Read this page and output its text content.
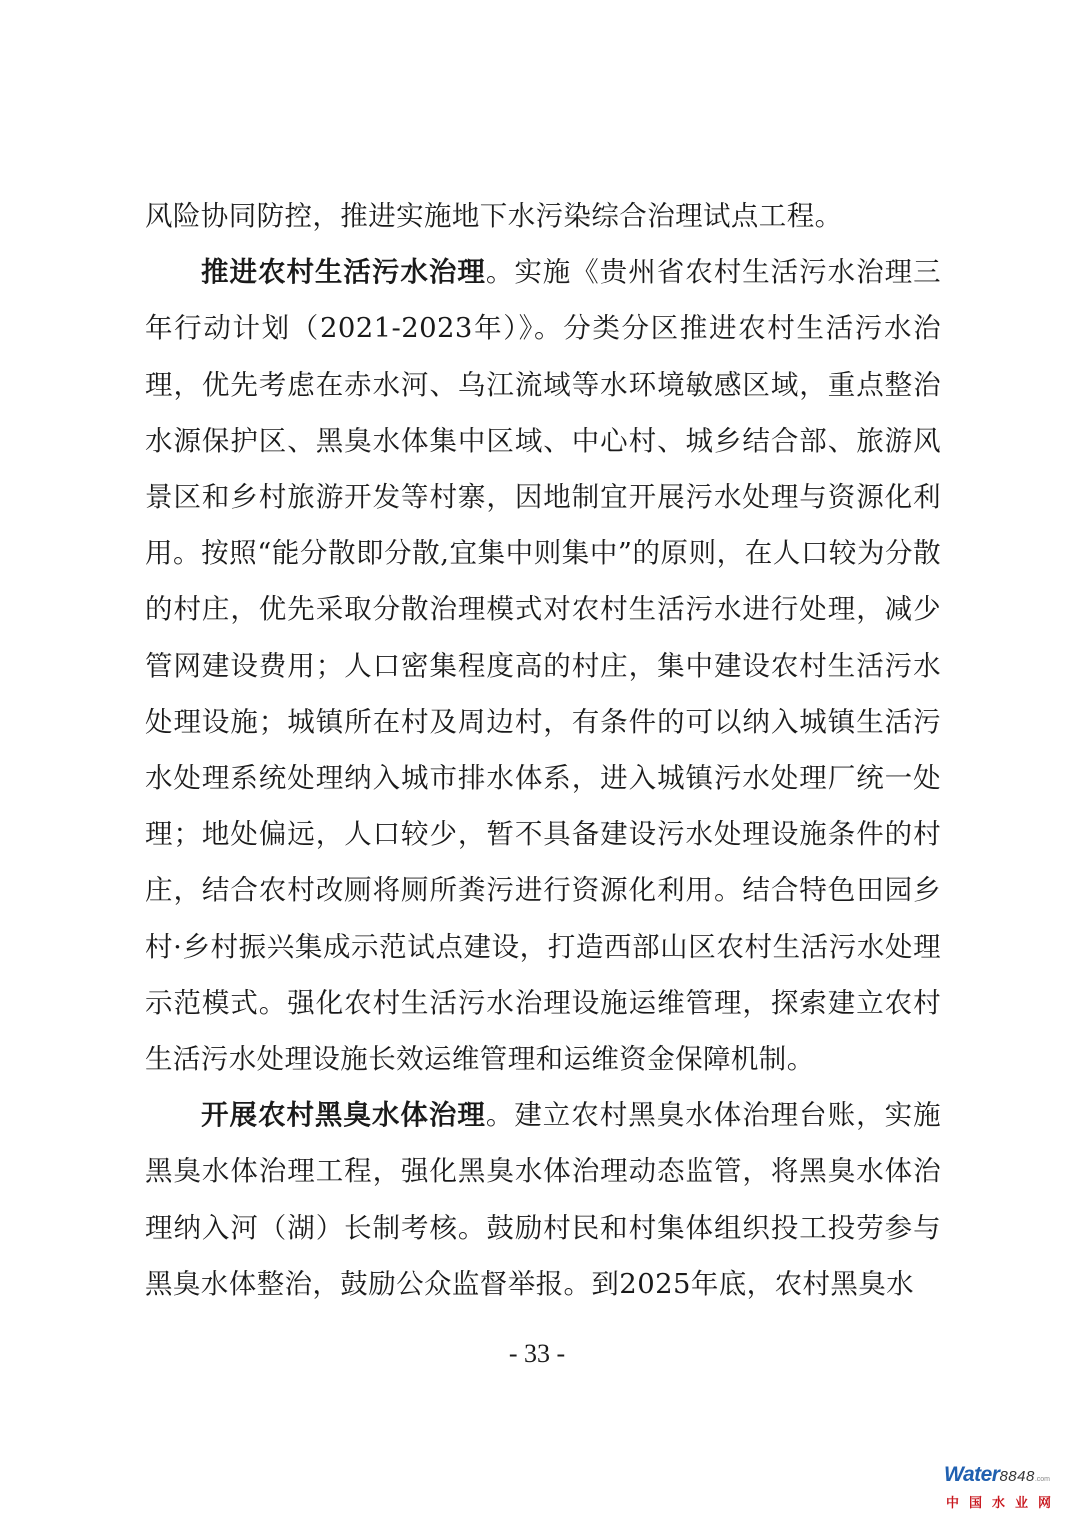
风险协同防控，推进实施地下水污染综合治理试点工程。

推进农村生活污水治理。实施《贵州省农村生活污水治理三年行动计划（2021-2023年）》。分类分区推进农村生活污水治理，优先考虑在赤水河、乌江流域等水环境敏感区域，重点整治水源保护区、黑臭水体集中区域、中心村、城乡结合部、旅游风景区和乡村旅游开发等村寨，因地制宜开展污水处理与资源化利用。按照“能分散即分散,宜集中则集中”的原则，在人口较为分散的村庄，优先采取分散治理模式对农村生活污水进行处理，减少管网建设费用；人口密集程度高的村庄，集中建设农村生活污水处理设施；城镇所在村及周边村，有条件的可以纳入城镇生活污水处理系统处理纳入城市排水体系，进入城镇污水处理厂统一处理；地处偏远，人口较少，暂不具备建设污水处理设施条件的村庄，结合农村改厕将厕所粪污进行资源化利用。结合特色田园乡村·乡村振兴集成示范试点建设，打造西部山区农村生活污水处理示范模式。强化农村生活污水治理设施运维管理，探索建立农村生活污水处理设施长效运维管理和运维资金保障机制。

开展农村黑臭水体治理。建立农村黑臭水体治理台账，实施黑臭水体治理工程，强化黑臭水体治理动态监管，将黑臭水体治理纳入河（湖）长制考核。鼓励村民和村集体组织投工投劳参与黑臭水体整治，鼓励公众监督举报。到2025年底，农村黑臭水

- 33 -
Water8848.com
中国水业网
